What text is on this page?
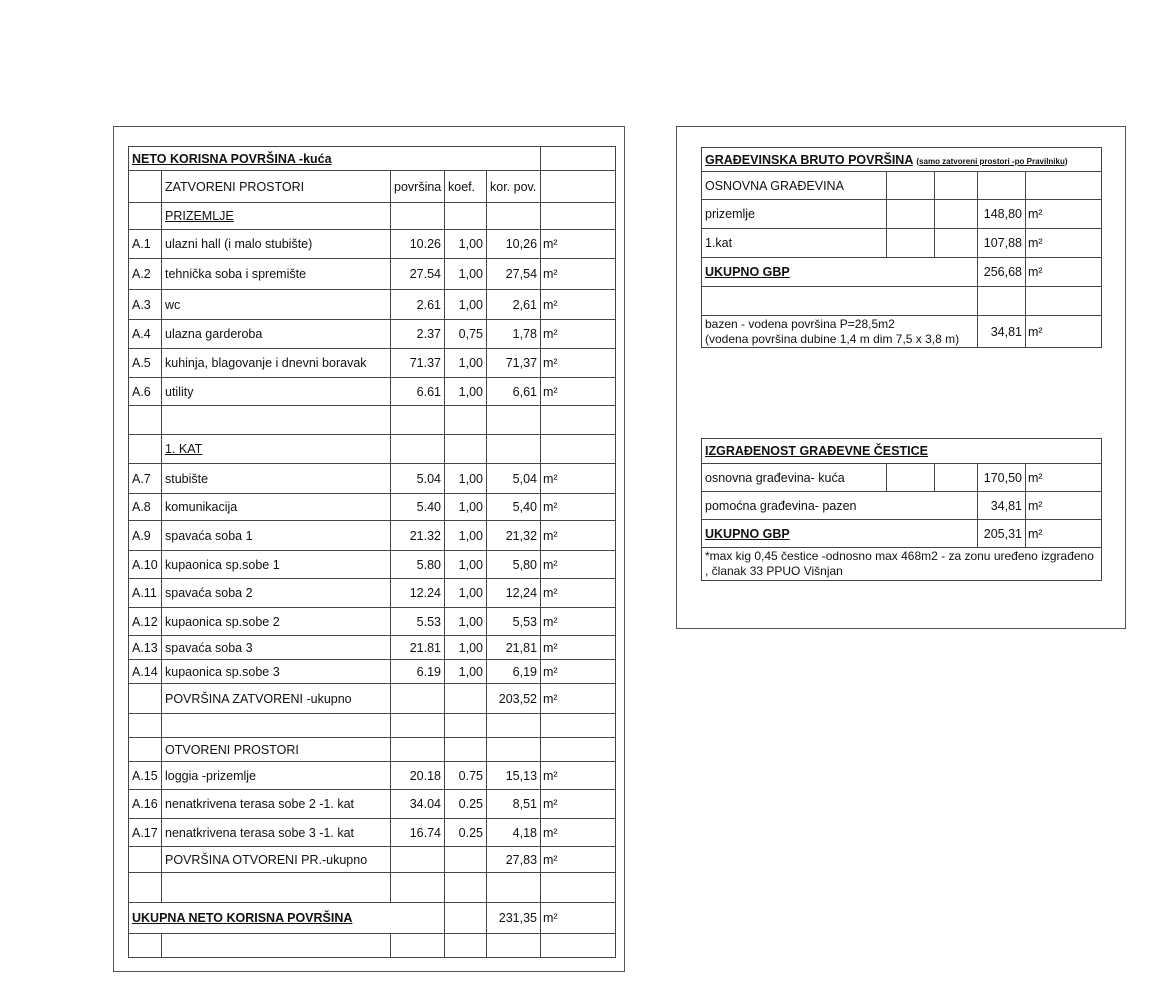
NETO KORISNA POVRŠINA -kuća					
	ZATVORENI PROSTORI	površina	koef.	kor. pov.	
	PRIZEMLJE				
A.1	ulazni hall (i malo stubište)	10.26	1,00	10,26	m²
A.2	tehnička soba i spremište	27.54	1,00	27,54	m²
A.3	wc	2.61	1,00	2,61	m²
A.4	ulazna garderoba	2.37	0,75	1,78	m²
A.5	kuhinja, blagovanje i dnevni boravak	71.37	1,00	71,37	m²
A.6	utility	6.61	1,00	6,61	m²

	1. KAT				
A.7	stubište	5.04	1,00	5,04	m²
A.8	komunikacija	5.40	1,00	5,40	m²
A.9	spavaća soba 1	21.32	1,00	21,32	m²
A.10	kupaonica sp.sobe 1	5.80	1,00	5,80	m²
A.11	spavaća soba 2	12.24	1,00	12,24	m²
A.12	kupaonica sp.sobe 2	5.53	1,00	5,53	m²
A.13	spavaća soba 3	21.81	1,00	21,81	m²
A.14	kupaonica sp.sobe 3	6.19	1,00	6,19	m²
	POVRŠINA ZATVORENI -ukupno			203,52	m²

	OTVORENI PROSTORI				
A.15	loggia -prizemlje	20.18	0.75	15,13	m²
A.16	nenatkrivena terasa sobe 2 -1. kat	34.04	0.25	8,51	m²
A.17	nenatkrivena terasa sobe 3 -1. kat	16.74	0.25	4,18	m²
	POVRŠINA OTVORENI PR.-ukupno			27,83	m²

UKUPNA NETO KORISNA POVRŠINA				231,35	m²

GRAĐEVINSKA BRUTO POVRŠINA (samo zatvoreni prostori -po Pravilniku)				
OSNOVNA GRAĐEVINA				
prizemlje			148,80	m²
1.kat			107,88	m²
UKUPNO GBP			256,68	m²

bazen - vodena površina P=28,5m2
(vodena površina dubine 1,4 m dim 7,5 x 3,8 m)			34,81	m²
IZGRAĐENOST GRAĐEVNE ČESTICE				
osnovna građevina- kuća			170,50	m²
pomoćna građevina- pazen			34,81	m²
UKUPNO GBP			205,31	m²
*max kig 0,45 čestice -odnosno max 468m2 - za zonu uređeno izgrađeno , članak 33 PPUO Višnjan				
